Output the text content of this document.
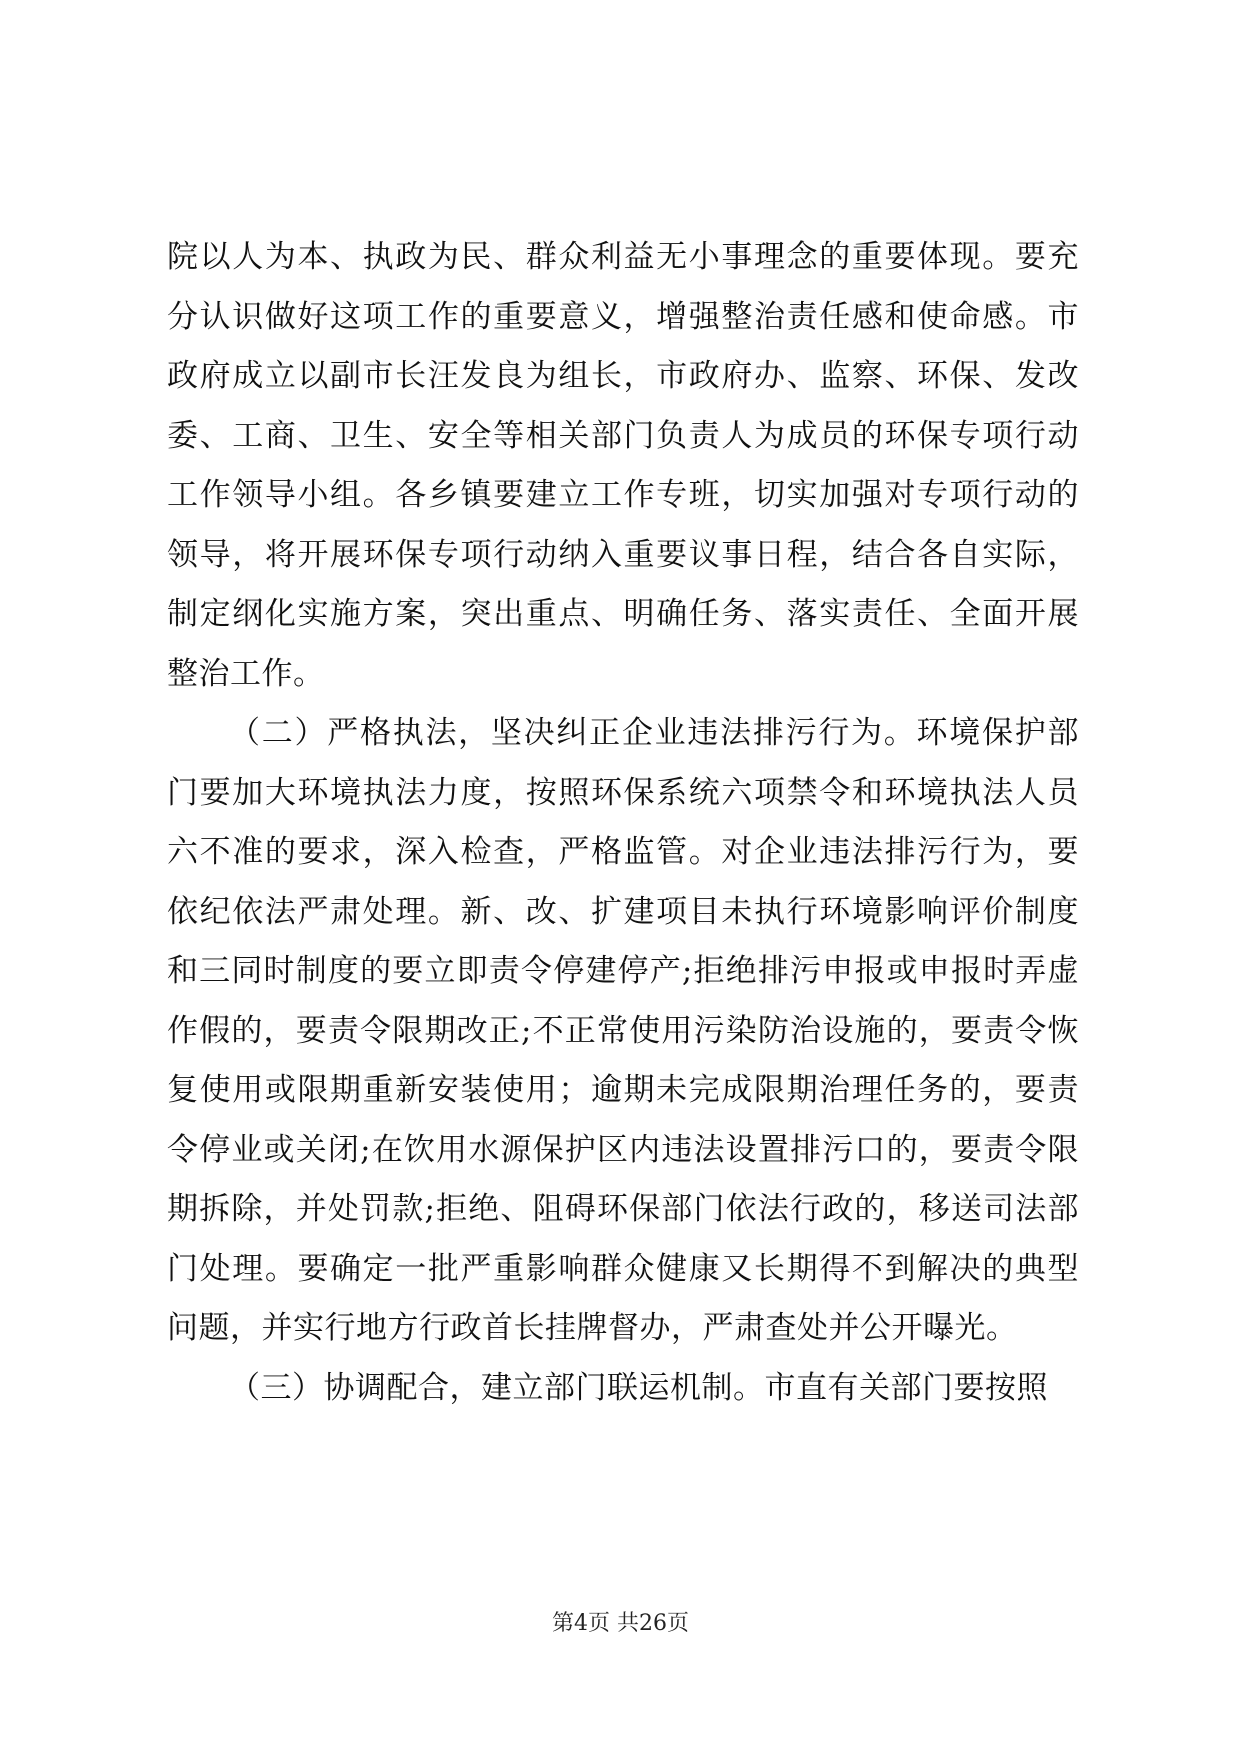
院以人为本、执政为民、群众利益无小事理念的重要体现。要充分认识做好这项工作的重要意义，增强整治责任感和使命感。市政府成立以副市长汪发良为组长，市政府办、监察、环保、发改委、工商、卫生、安全等相关部门负责人为成员的环保专项行动工作领导小组。各乡镇要建立工作专班，切实加强对专项行动的领导，将开展环保专项行动纳入重要议事日程，结合各自实际，制定纲化实施方案，突出重点、明确任务、落实责任、全面开展整治工作。

（二）严格执法，坚决纠正企业违法排污行为。环境保护部门要加大环境执法力度，按照环保系统六项禁令和环境执法人员六不准的要求，深入检查，严格监管。对企业违法排污行为，要依纪依法严肃处理。新、改、扩建项目未执行环境影响评价制度和三同时制度的要立即责令停建停产;拒绝排污申报或申报时弄虚作假的，要责令限期改正;不正常使用污染防治设施的，要责令恢复使用或限期重新安装使用；逾期未完成限期治理任务的，要责令停业或关闭;在饮用水源保护区内违法设置排污口的，要责令限期拆除，并处罚款;拒绝、阻碍环保部门依法行政的，移送司法部门处理。要确定一批严重影响群众健康又长期得不到解决的典型问题，并实行地方行政首长挂牌督办，严肃查处并公开曝光。

（三）协调配合，建立部门联运机制。市直有关部门要按照

第4页 共26页
